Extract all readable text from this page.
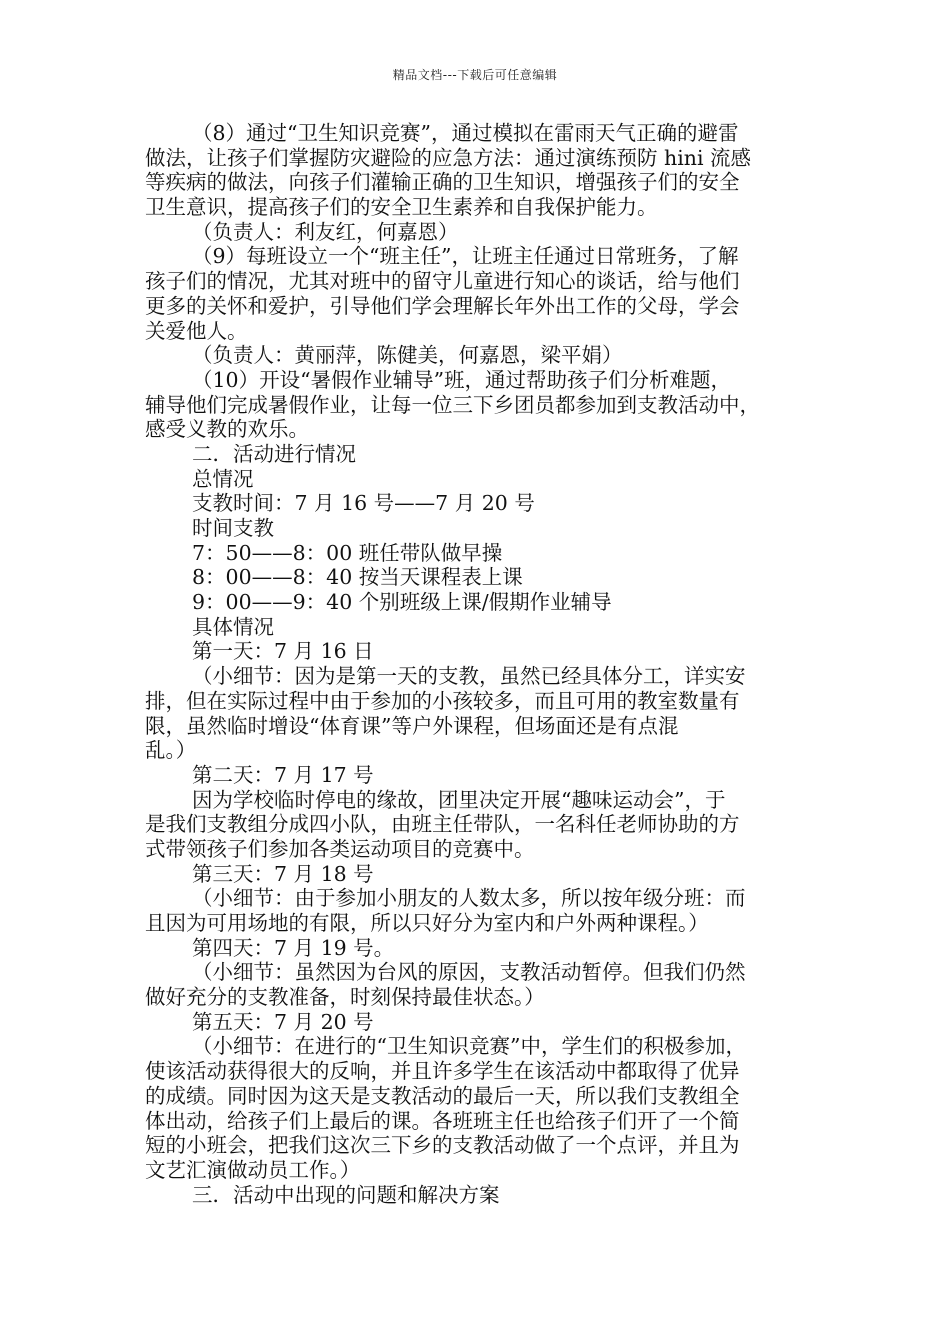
精品文档---下载后可任意编辑
（8）通过“卫生知识竞赛”，通过模拟在雷雨天气正确的避雷
做法，让孩子们掌握防灾避险的应急方法：通过演练预防 hini 流感
等疾病的做法，向孩子们灌输正确的卫生知识，增强孩子们的安全
卫生意识，提高孩子们的安全卫生素养和自我保护能力。
（负责人：利友红，何嘉恩）
（9）每班设立一个“班主任”，让班主任通过日常班务，了解
孩子们的情况，尤其对班中的留守儿童进行知心的谈话，给与他们
更多的关怀和爱护，引导他们学会理解长年外出工作的父母，学会
关爱他人。
（负责人：黄丽萍，陈健美，何嘉恩，梁平娟）
（10）开设“暑假作业辅导”班，通过帮助孩子们分析难题，
辅导他们完成暑假作业，让每一位三下乡团员都参加到支教活动中，
感受义教的欢乐。
二．活动进行情况
总情况
支教时间：7 月 16 号——7 月 20 号
时间支教
7：50——8：00 班任带队做早操
8：00——8：40 按当天课程表上课
9：00——9：40 个别班级上课/假期作业辅导
具体情况
第一天：7 月 16 日
（小细节：因为是第一天的支教，虽然已经具体分工，详实安
排，但在实际过程中由于参加的小孩较多，而且可用的教室数量有
限，虽然临时增设“体育课”等户外课程，但场面还是有点混
乱。）
第二天：7 月 17 号
因为学校临时停电的缘故，团里决定开展“趣味运动会”，于
是我们支教组分成四小队，由班主任带队，一名科任老师协助的方
式带领孩子们参加各类运动项目的竞赛中。
第三天：7 月 18 号
（小细节：由于参加小朋友的人数太多，所以按年级分班：而
且因为可用场地的有限，所以只好分为室内和户外两种课程。）
第四天：7 月 19 号。
（小细节：虽然因为台风的原因，支教活动暂停。但我们仍然
做好充分的支教准备，时刻保持最佳状态。）
第五天：7 月 20 号
（小细节：在进行的“卫生知识竞赛”中，学生们的积极参加，
使该活动获得很大的反响，并且许多学生在该活动中都取得了优异
的成绩。同时因为这天是支教活动的最后一天，所以我们支教组全
体出动，给孩子们上最后的课。各班班主任也给孩子们开了一个简
短的小班会，把我们这次三下乡的支教活动做了一个点评，并且为
文艺汇演做动员工作。）
三．活动中出现的问题和解决方案
